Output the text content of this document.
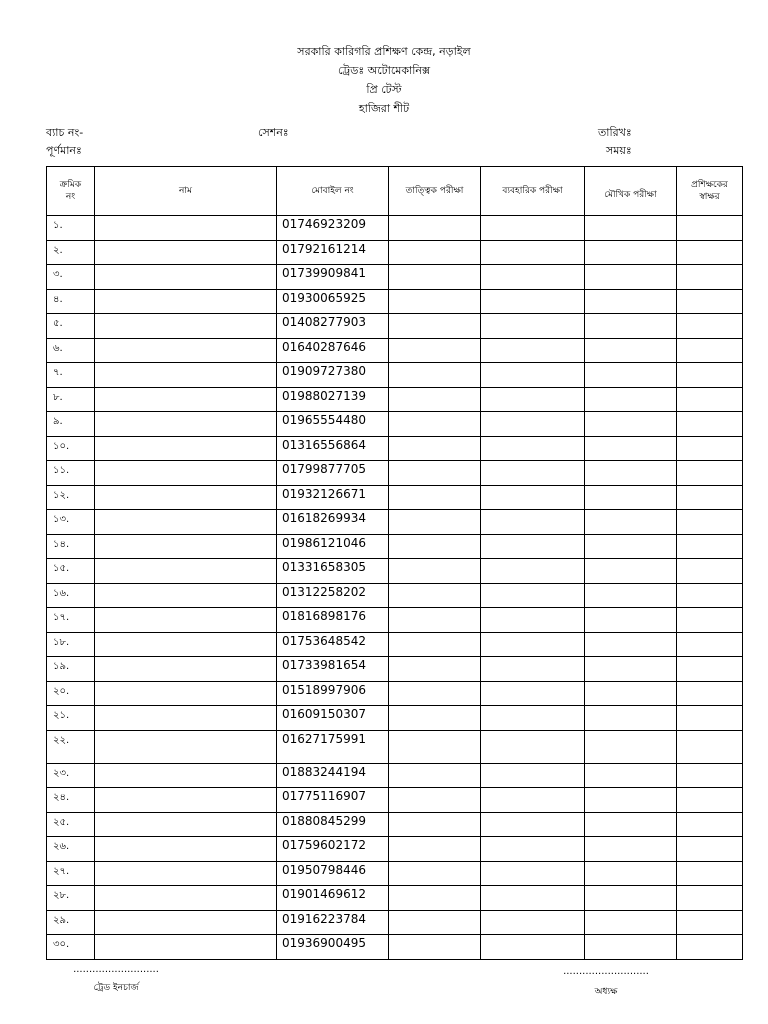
সরকারি কারিগরি প্রশিক্ষণ কেন্দ্র, নড়াইল
ট্রেডঃ অটোমেকানিক্স
প্রি টেস্ট
হাজিরা শীট
ব্যাচ নং-	সেশনঃ	তারিখঃ
পূর্ণমানঃ	সময়ঃ
ক্রমিক
নং	নাম	মোবাইল নং	তাত্ত্বিক পরীক্ষা	ব্যবহারিক পরীক্ষা	মৌখিক পরীক্ষা	প্রশিক্ষকের
স্বাক্ষর
১.		01746923209				
২.		01792161214				
৩.		01739909841				
৪.		01930065925				
৫.		01408277903				
৬.		01640287646				
৭.		01909727380				
৮.		01988027139				
৯.		01965554480				
১০.		01316556864				
১১.		01799877705				
১২.		01932126671				
১৩.		01618269934				
১৪.		01986121046				
১৫.		01331658305				
১৬.		01312258202				
১৭.		01816898176				
১৮.		01753648542				
১৯.		01733981654				
২০.		01518997906				
২১.		01609150307				
২২.		01627175991				
২৩.		01883244194				
২৪.		01775116907				
২৫.		01880845299				
২৬.		01759602172				
২৭.		01950798446				
২৮.		01901469612				
২৯.		01916223784				
৩০.		01936900495				
...........................
ট্রেড ইনচার্জ
...........................
অধ্যক্ষ
